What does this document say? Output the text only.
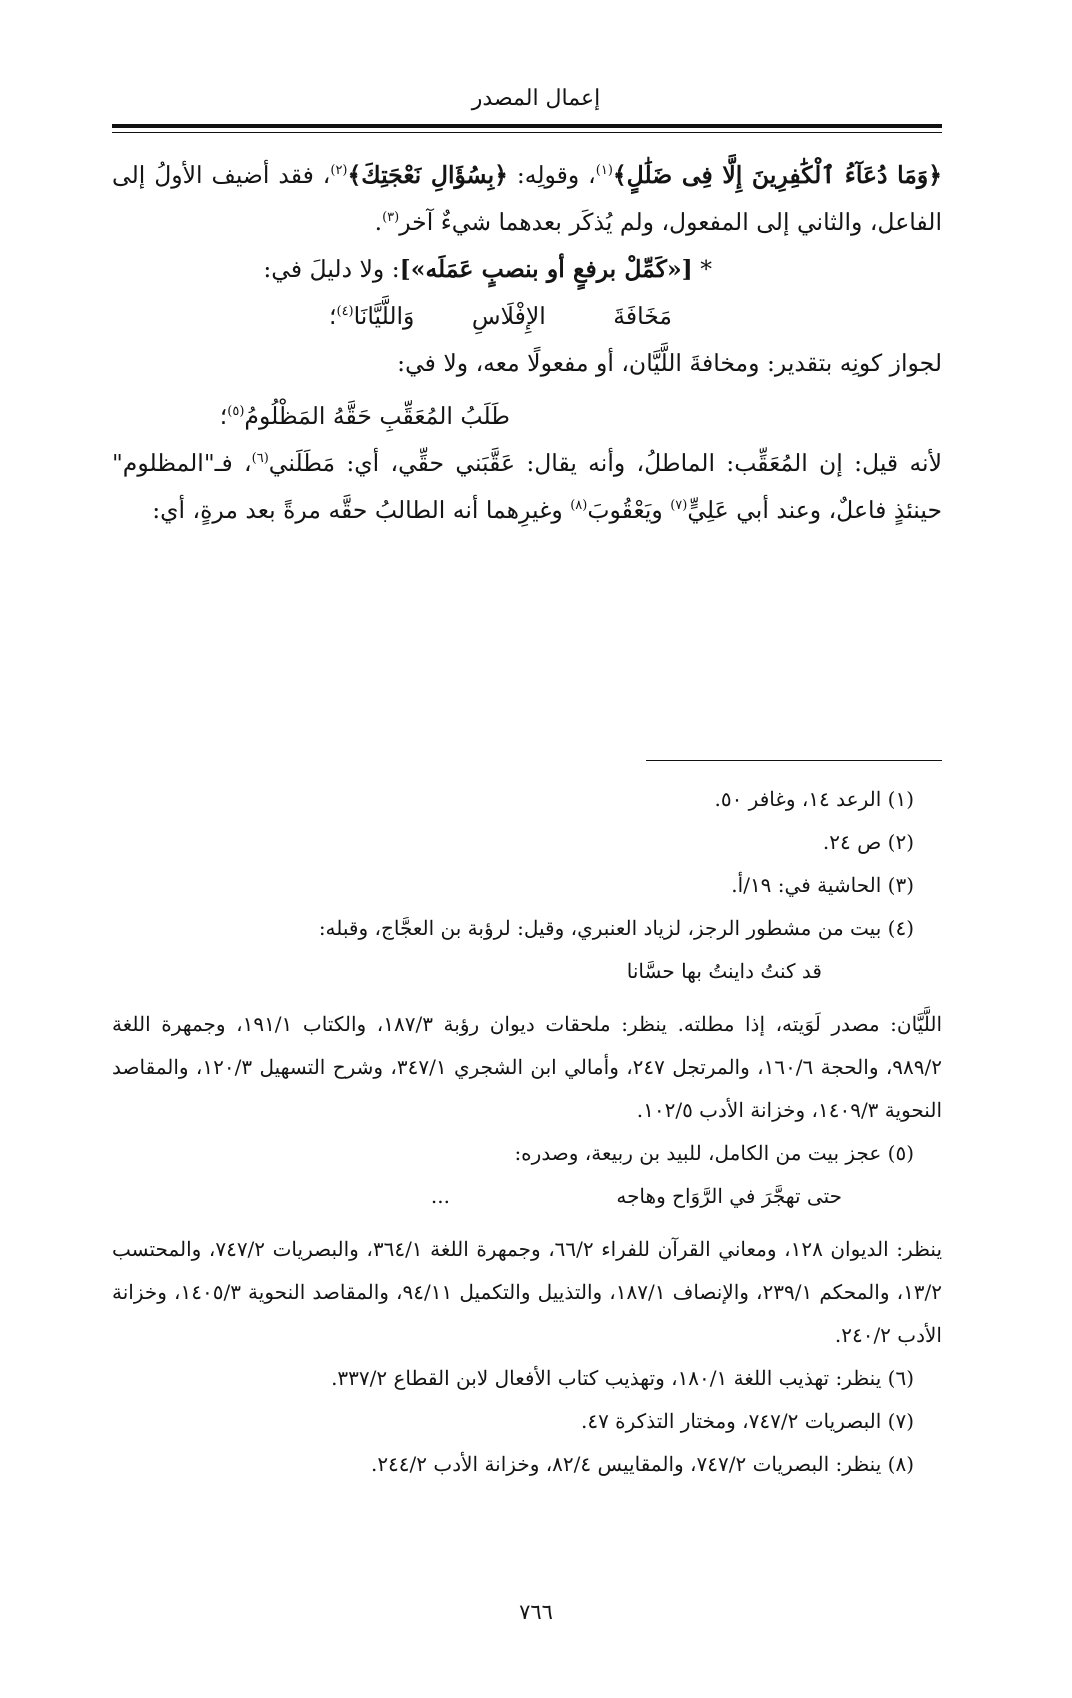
إعمال المصدر

﴿وَمَا دُعَآءُ ٱلْكَٰفِرِينَ إِلَّا فِى ضَلَٰلٍ﴾$^{(١)}$، وقولِه: ﴿بِسُؤَالِ نَعْجَتِكَ﴾$^{(٢)}$، فقد أضيف الأولُ إلى الفاعل، والثاني إلى المفعول، ولم يُذكَر بعدهما شيءٌ آخر$^{(٣)}$.

* [«كَمِّلْ برفعٍ أو بنصبٍ عَمَلَه»]: ولا دليلَ في:

مَخَافَةَ الإِفْلَاسِ وَاللَّيَّانَا$^{(٤)}$؛

لجواز كونِه بتقدير: ومخافةَ اللَّيَّان، أو مفعولًا معه، ولا في:

طَلَبُ المُعَقِّبِ حَقَّهُ المَظْلُومُ$^{(٥)}$؛

لأنه قيل: إن المُعَقِّب: الماطلُ، وأنه يقال: عَقَّبَني حقِّي، أي: مَطَلَني$^{(٦)}$، فـ"المظلوم" حينئذٍ فاعلٌ، وعند أبي عَلِيٍّ$^{(٧)}$ ويَعْقُوبَ$^{(٨)}$ وغيرِهما أنه الطالبُ حقَّه مرةً بعد مرةٍ، أي:

(١) الرعد ١٤، وغافر ٥٠.

(٢) ص ٢٤.

(٣) الحاشية في: ١٩/أ.

(٤) بيت من مشطور الرجز، لزياد العنبري، وقيل: لرؤبة بن العجَّاج، وقبله:

قد كنتُ داينتُ بها حسَّانا

اللَّيَّان: مصدر لَوَيته، إذا مطلته. ينظر: ملحقات ديوان رؤبة ١٨٧/٣، والكتاب ١٩١/١، وجمهرة اللغة ٩٨٩/٢، والحجة ١٦٠/٦، والمرتجل ٢٤٧، وأمالي ابن الشجري ٣٤٧/١، وشرح التسهيل ١٢٠/٣، والمقاصد النحوية ١٤٠٩/٣، وخزانة الأدب ١٠٢/٥.

(٥) عجز بيت من الكامل، للبيد بن ربيعة، وصدره:

حتى تهجَّرَ في الرَّوَاح وهاجه ...

ينظر: الديوان ١٢٨، ومعاني القرآن للفراء ٦٦/٢، وجمهرة اللغة ٣٦٤/١، والبصريات ٧٤٧/٢، والمحتسب ١٣/٢، والمحكم ٢٣٩/١، والإنصاف ١٨٧/١، والتذييل والتكميل ٩٤/١١، والمقاصد النحوية ١٤٠٥/٣، وخزانة الأدب ٢٤٠/٢.

(٦) ينظر: تهذيب اللغة ١٨٠/١، وتهذيب كتاب الأفعال لابن القطاع ٣٣٧/٢.

(٧) البصريات ٧٤٧/٢، ومختار التذكرة ٤٧.

(٨) ينظر: البصريات ٧٤٧/٢، والمقاييس ٨٢/٤، وخزانة الأدب ٢٤٤/٢.

٧٦٦
